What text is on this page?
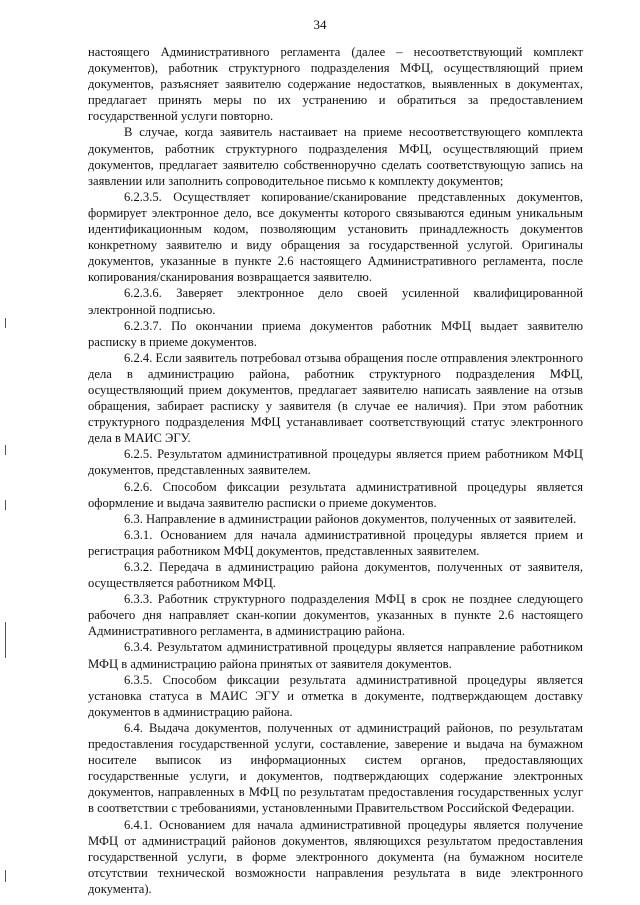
34

настоящего Административного регламента (далее – несоответствующий комплект документов), работник структурного подразделения МФЦ, осуществляющий прием документов, разъясняет заявителю содержание недостатков, выявленных в документах, предлагает принять меры по их устранению и обратиться за предоставлением государственной услуги повторно.

В случае, когда заявитель настаивает на приеме несоответствующего комплекта документов, работник структурного подразделения МФЦ, осуществляющий прием документов, предлагает заявителю собственноручно сделать соответствующую запись на заявлении или заполнить сопроводительное письмо к комплекту документов;

6.2.3.5. Осуществляет копирование/сканирование представленных документов, формирует электронное дело, все документы которого связываются единым уникальным идентификационным кодом, позволяющим установить принадлежность документов конкретному заявителю и виду обращения за государственной услугой. Оригиналы документов, указанные в пункте 2.6 настоящего Административного регламента, после копирования/сканирования возвращается заявителю.

6.2.3.6. Заверяет электронное дело своей усиленной квалифицированной электронной подписью.

6.2.3.7. По окончании приема документов работник МФЦ выдает заявителю расписку в приеме документов.

6.2.4. Если заявитель потребовал отзыва обращения после отправления электронного дела в администрацию района, работник структурного подразделения МФЦ, осуществляющий прием документов, предлагает заявителю написать заявление на отзыв обращения, забирает расписку у заявителя (в случае ее наличия). При этом работник структурного подразделения МФЦ устанавливает соответствующий статус электронного дела в МАИС ЭГУ.

6.2.5. Результатом административной процедуры является прием работником МФЦ документов, представленных заявителем.

6.2.6. Способом фиксации результата административной процедуры является оформление и выдача заявителю расписки о приеме документов.

6.3. Направление в администрации районов документов, полученных от заявителей.

6.3.1. Основанием для начала административной процедуры является прием и регистрация работником МФЦ документов, представленных заявителем.

6.3.2. Передача в администрацию района документов, полученных от заявителя, осуществляется работником МФЦ.

6.3.3. Работник структурного подразделения МФЦ в срок не позднее следующего рабочего дня направляет скан-копии документов, указанных в пункте 2.6 настоящего Административного регламента, в администрацию района.

6.3.4. Результатом административной процедуры является направление работником МФЦ в администрацию района принятых от заявителя документов.

6.3.5. Способом фиксации результата административной процедуры является установка статуса в МАИС ЭГУ и отметка в документе, подтверждающем доставку документов в администрацию района.

6.4. Выдача документов, полученных от администраций районов, по результатам предоставления государственной услуги, составление, заверение и выдача на бумажном носителе выписок из информационных систем органов, предоставляющих государственные услуги, и документов, подтверждающих содержание электронных документов, направленных в МФЦ по результатам предоставления государственных услуг в соответствии с требованиями, установленными Правительством Российской Федерации.

6.4.1. Основанием для начала административной процедуры является получение МФЦ от администраций районов документов, являющихся результатом предоставления государственной услуги, в форме электронного документа (на бумажном носителе отсутствии технической возможности направления результата в виде электронного документа).
